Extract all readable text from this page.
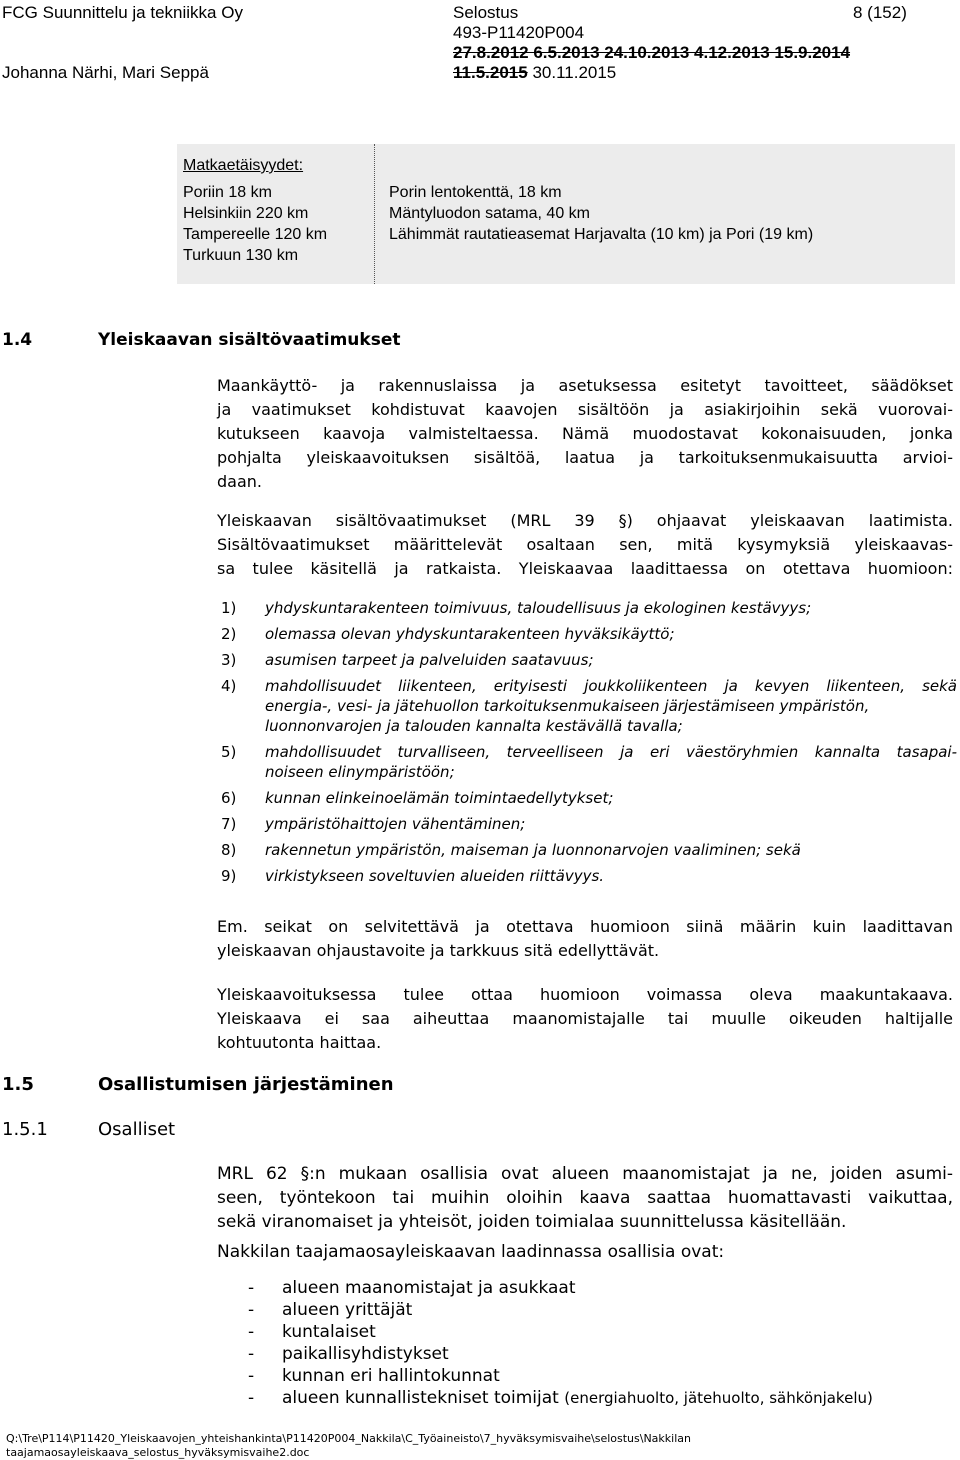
FCG Suunnittelu ja tekniikka Oy
Johanna Närhi, Mari Seppä
Selostus
493-P11420P004
27.8.2012 6.5.2013 24.10.2013 4.12.2013 15.9.2014
11.5.2015 30.11.2015
8 (152)
Matkaetäisyydet:
Poriin 18 km
Helsinkiin 220 km
Tampereelle 120 km
Turkuun 130 km
Porin lentokenttä, 18 km
Mäntyluodon satama, 40 km
Lähimmät rautatieasemat Harjavalta (10 km) ja Pori (19 km)
1.4	Yleiskaavan sisältövaatimukset
Maankäyttö- ja rakennuslaissa ja asetuksessa esitetyt tavoitteet, säädökset
ja vaatimukset kohdistuvat kaavojen sisältöön ja asiakirjoihin sekä vuorovai-
kutukseen kaavoja valmisteltaessa. Nämä muodostavat kokonaisuuden, jonka
pohjalta yleiskaavoituksen sisältöä, laatua ja tarkoituksenmukaisuutta arvioi-
daan.
Yleiskaavan sisältövaatimukset (MRL 39 §) ohjaavat yleiskaavan laatimista.
Sisältövaatimukset määrittelevät osaltaan sen, mitä kysymyksiä yleiskaavas-
sa tulee käsitellä ja ratkaista. Yleiskaavaa laadittaessa on otettava huomioon:
1) yhdyskuntarakenteen toimivuus, taloudellisuus ja ekologinen kestävyys;
2) olemassa olevan yhdyskuntarakenteen hyväksikäyttö;
3) asumisen tarpeet ja palveluiden saatavuus;
4) mahdollisuudet liikenteen, erityisesti joukkoliikenteen ja kevyen liikenteen, sekä
energia-, vesi- ja jätehuollon tarkoituksenmukaiseen järjestämiseen ympäristön,
luonnonvarojen ja talouden kannalta kestävällä tavalla;
5) mahdollisuudet turvalliseen, terveelliseen ja eri väestöryhmien kannalta tasapai-
noiseen elinympäristöön;
6) kunnan elinkeinoelämän toimintaedellytykset;
7) ympäristöhaittojen vähentäminen;
8) rakennetun ympäristön, maiseman ja luonnonarvojen vaaliminen; sekä
9) virkistykseen soveltuvien alueiden riittävyys.
Em. seikat on selvitettävä ja otettava huomioon siinä määrin kuin laadittavan
yleiskaavan ohjaustavoite ja tarkkuus sitä edellyttävät.
Yleiskaavoituksessa tulee ottaa huomioon voimassa oleva maakuntakaava.
Yleiskaava ei saa aiheuttaa maanomistajalle tai muulle oikeuden haltijalle
kohtuutonta haittaa.
1.5	Osallistumisen järjestäminen
1.5.1	Osalliset
MRL 62 §:n mukaan osallisia ovat alueen maanomistajat ja ne, joiden asumi-
seen, työntekoon tai muihin oloihin kaava saattaa huomattavasti vaikuttaa,
sekä viranomaiset ja yhteisöt, joiden toimialaa suunnittelussa käsitellään.
Nakkilan taajamaosayleiskaavan laadinnassa osallisia ovat:
- alueen maanomistajat ja asukkaat
- alueen yrittäjät
- kuntalaiset
- paikallisyhdistykset
- kunnan eri hallintokunnat
- alueen kunnallistekniset toimijat (energiahuolto, jätehuolto, sähkönjakelu)
Q:\Tre\P114\P11420_Yleiskaavojen_yhteishankinta\P11420P004_Nakkila\C_Työaineisto\7_hyväksymisvaihe\selostus\Nakkilan
taajamaosayleiskaava_selostus_hyväksymisvaihe2.doc
